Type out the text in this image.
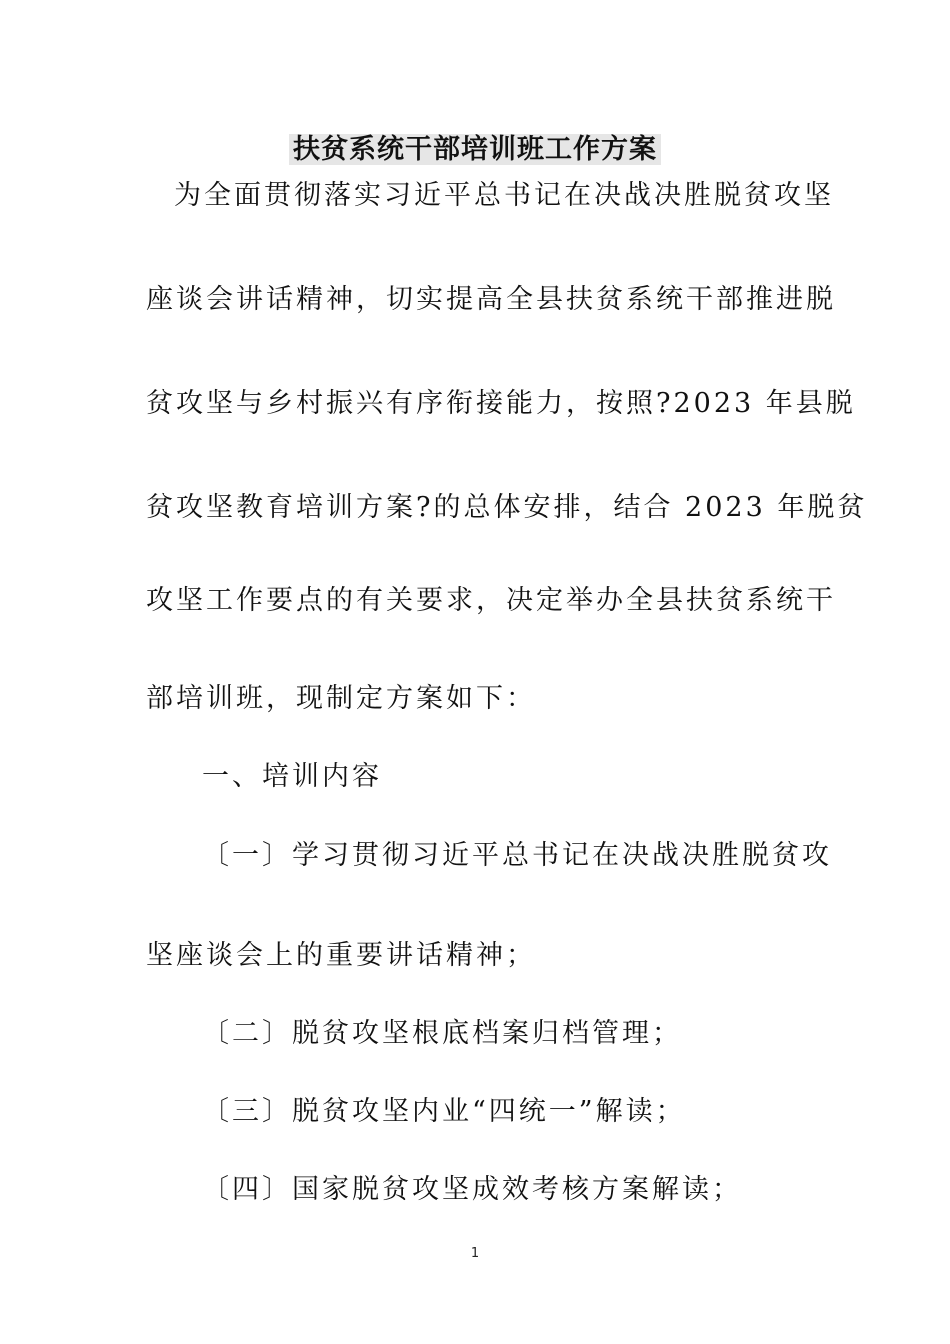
扶贫系统干部培训班工作方案
为全面贯彻落实习近平总书记在决战决胜脱贫攻坚
座谈会讲话精神，切实提高全县扶贫系统干部推进脱
贫攻坚与乡村振兴有序衔接能力，按照?2023 年县脱
贫攻坚教育培训方案?的总体安排，结合 2023 年脱贫
攻坚工作要点的有关要求，决定举办全县扶贫系统干
部培训班，现制定方案如下：
一、培训内容
〔一〕学习贯彻习近平总书记在决战决胜脱贫攻
坚座谈会上的重要讲话精神；
〔二〕脱贫攻坚根底档案归档管理；
〔三〕脱贫攻坚内业“四统一”解读；
〔四〕国家脱贫攻坚成效考核方案解读；
1
